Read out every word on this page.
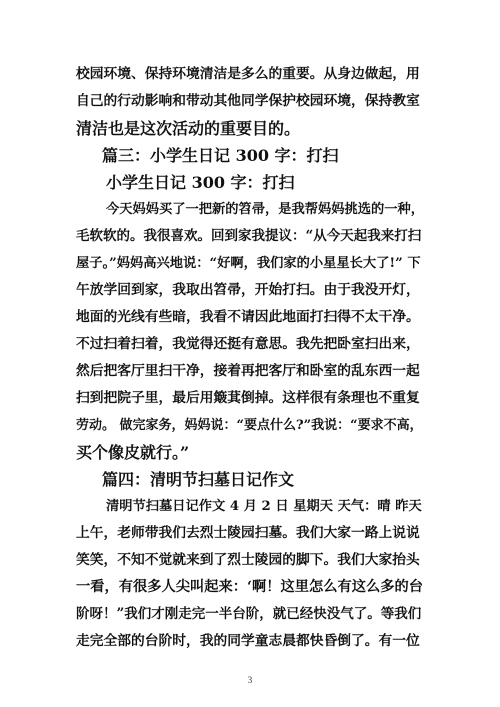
校园环境、保持环境清洁是多么的重要。从身边做起，用
自己的行动影响和带动其他同学保护校园环境，保持教室
清洁也是这次活动的重要目的。
篇三：小学生日记 300 字：打扫
小学生日记 300 字：打扫
今天妈妈买了一把新的笤帚，是我帮妈妈挑选的一种，
毛软软的。我很喜欢。回到家我提议：“从今天起我来打扫
屋子。”妈妈高兴地说：“好啊，我们家的小星星长大了!” 下
午放学回到家，我取出笤帚，开始打扫。由于我没开灯，
地面的光线有些暗，我看不请因此地面打扫得不太干净。
不过扫着扫着，我觉得还挺有意思。我先把卧室扫出来，
然后把客厅里扫干净，接着再把客厅和卧室的乱东西一起
扫到把院子里，最后用簸萁倒掉。这样很有条理也不重复
劳动。 做完家务，妈妈说：“要点什么?”我说：“要求不高，
买个像皮就行。”
篇四：清明节扫墓日记作文
清明节扫墓日记作文 4 月 2 日 星期天 天气：晴 昨天
上午，老师带我们去烈士陵园扫墓。我们大家一路上说说
笑笑，不知不觉就来到了烈士陵园的脚下。我们大家抬头
一看，有很多人尖叫起来：‘啊！这里怎么有这么多的台
阶呀！”我们才刚走完一半台阶，就已经快没气了。等我们
走完全部的台阶时，我的同学童志晨都快昏倒了。有一位
3
